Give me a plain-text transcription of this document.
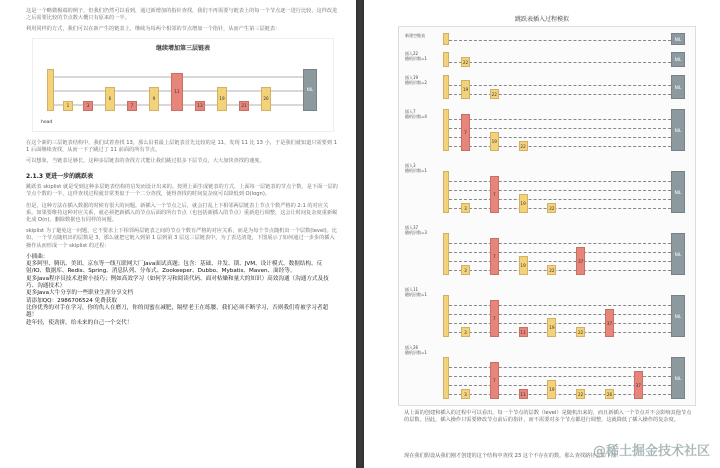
这是一个略微极端的例子，但我们仍然可以看到，通过新增加的指针查找，我们不再需要与链表上的每一个节点逐一进行比较，这样改进之后需要比较的节点数大概只有原来的一半。

利用同样的方式，我们可以在新产生的链表上，继续为每两个相邻的节点增加一个指针，从而产生第三层链表：

继续增加第三层链表
head
1	3
6
7
9
11
13
19
21
26
NIL

在这个新的三层链表结构中，我们试着查找 13，那么沿着最上层链表首先比较的是 11，发现 11 比 13 小，于是我们就知道只需要到 11 后面继续查找，从而一下子跳过了 11 前面的所有节点。

可以想象，当链表足够长，这种多层链表的查找方式能让我们跳过很多下层节点，大大加快查找的速度。

2.1.3 更进一步的跳跃表

跳跃表 skiplist 就是受到这种多层链表结构的启发而设计出来的。按照上面生成链表的方式，上面每一层链表的节点个数，是下面一层的节点个数的一半，这样查找过程就非常类似于一个二分查找，使得查找的时间复杂度可以降低到 O(logn)。

但是，这种方法在插入数据的时候有很大的问题。新插入一个节点之后，就会打乱上下相邻两层链表上节点个数严格的 2:1 的对应关系。如果要维持这种对应关系，就必须把新插入的节点后面的所有节点（也包括新插入的节点）重新进行调整，这会让时间复杂度重新蜕化成 O(n)。删除数据也有同样的问题。

skiplist 为了避免这一问题，它不要求上下相邻两层链表之间的节点个数有严格的对应关系，而是为每个节点随机出一个层数(level)。比如，一个节点随机出的层数是 3，那么就把它链入到第 1 层到第 3 层这三层链表中。为了表达清楚，下图展示了如何通过一步步的插入操作从而形成一个 skiplist 的过程：

小插曲：
更多阿里、腾讯、美团、京东等一线互联网大厂Java面试真题；包含：基础、并发、锁、JVM、设计模式、数据结构、反射/IO、数据库、Redis、Spring、消息队列、分布式、Zookeeper、Dubbo、Mybatis、Maven、面经等。
更多Java程序员技术进阶小技巧；例如高效学习（如何学习和阅读代码、面对枯燥和量大的知识）高效沟通（沟通方式及技巧、沟通技术）
更多Java大牛分享的一些职业生涯分享文档
请添加QQ：2986706524 免费获取
比你优秀的对手在学习，你的仇人在磨刀，你的闺蜜在减肥，隔壁老王在练腰，我们必须不断学习，否则我们将被学习者超越！
趁年轻，使劲拼，给未来的自己一个交代！
跳跃表插入过程模拟
新建空链表
NIL
插入22
随机层数=1
22	NIL
插入19
随机层数=2
19
22
NIL
插入7
随机层数=4
7
19
22
NIL
插入3
随机层数=1
3
7
19
22
NIL
插入37
随机层数=3
3
7
19
22
37
NIL
插入11
随机层数=1
3
7
11
19
22
37
NIL
插入26
随机层数=1
3
7
11
19
22	26
37
NIL
从上面的创建和插入的过程中可以看出，每一个节点的层数（level）是随机出来的，而且新插入一个节点并不会影响其他节点的层数。因此，插入操作只需要修改节点前后的指针，而不需要对多个节点都进行调整，这就降低了插入操作的复杂度。
现在我们假设从我们刚才创建的这个结构中查找 23 这个不存在的数，那么查找路径会如下图：
@稀土掘金技术社区
